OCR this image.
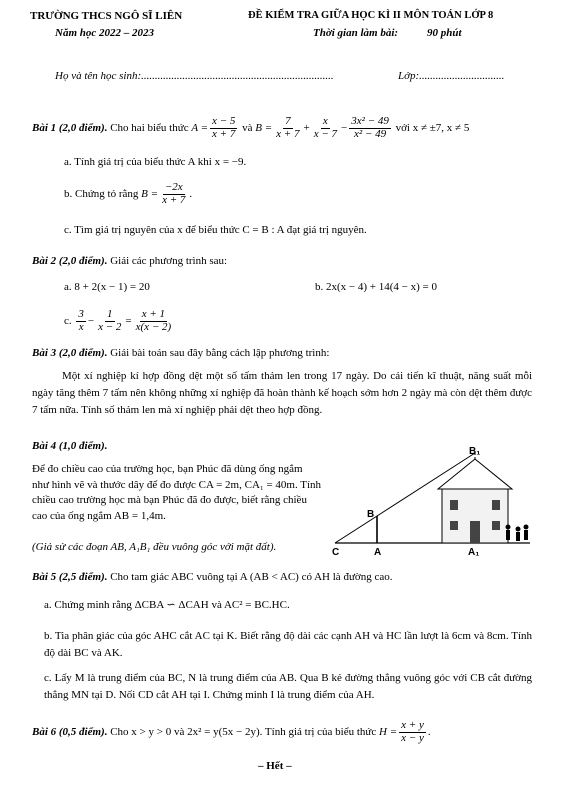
TRƯỜNG THCS NGÔ SĨ LIÊN
Năm học 2022 – 2023
ĐỀ KIỂM TRA GIỮA HỌC KÌ II MÔN TOÁN LỚP 8
Thời gian làm bài:	90 phút
Họ và tên học sinh:......................................................................	Lớp:...............................
Bài 1 (2,0 điểm).
Cho hai biểu thức
$A = \frac{x - 5}{x + 7}$
và
$B = \frac{7}{x + 7} + \frac{x}{x - 7} - \frac{\text{3x² − 49}}{\text{x² − 49}}$
với x ≠ ±7, x ≠ 5
a. Tính giá trị của biểu thức A khi x = −9.
b. Chứng tỏ rằng
$B = \frac{-2x}{x + 7}$ .
c. Tìm giá trị nguyên của x để biểu thức C = B : A đạt giá trị nguyên.
Bài 2 (2,0 điểm). Giải các phương trình sau:
a. 8 + 2(x − 1) = 20	b. 2x(x − 4) + 14(4 − x) = 0
c.
$\frac{3}{x} - \frac{1}{x - 2} = \frac{x + 1}{x(x - 2)}$
Bài 3 (2,0 điểm). Giải bài toán sau đây bằng cách lập phương trình:
Một xí nghiệp kí hợp đồng dệt một số tấm thảm len trong 17 ngày. Do cải tiến kĩ thuật, năng suất mỗi ngày tăng thêm 7 tấm nên không những xí nghiệp đã hoàn thành kế hoạch sớm hơn 2 ngày mà còn dệt thêm được 7 tấm nữa. Tính số thảm len mà xí nghiệp phải dệt theo hợp đồng.
Bài 4 (1,0 điểm).
Để đo chiều cao của trường học, bạn Phúc đã dùng ống ngắm như hình vẽ và thước dây để đo được CA = 2m, CA₁ = 40m. Tính chiều cao trường học mà bạn Phúc đã đo được, biết rằng chiều cao của ống ngắm AB = 1,4m.
(Giả sử các đoạn AB, A₁B₁ đều vuông góc với mặt đất).	C	A	A₁
B
B₁
Bài 5 (2,5 điểm). Cho tam giác ABC vuông tại A (AB < AC) có AH là đường cao.
a. Chứng minh rằng ΔCBA ∽ ΔCAH và AC² = BC.HC.
b. Tia phân giác của góc AHC cắt AC tại K. Biết rằng độ dài các cạnh AH và HC lần lượt là 6cm và 8cm. Tính độ dài BC và AK.
c. Lấy M là trung điểm của BC, N là trung điểm của AB. Qua B kẻ đường thẳng vuông góc với CB cắt đường thẳng MN tại D. Nối CD cắt AH tại I. Chứng minh I là trung điểm của AH.
Bài 6 (0,5 điểm).
Cho x > y > 0 và 2x² = y(5x − 2y). Tính giá trị của biểu thức
$H = \frac{x + y}{x - y}$ .
– Hết –
